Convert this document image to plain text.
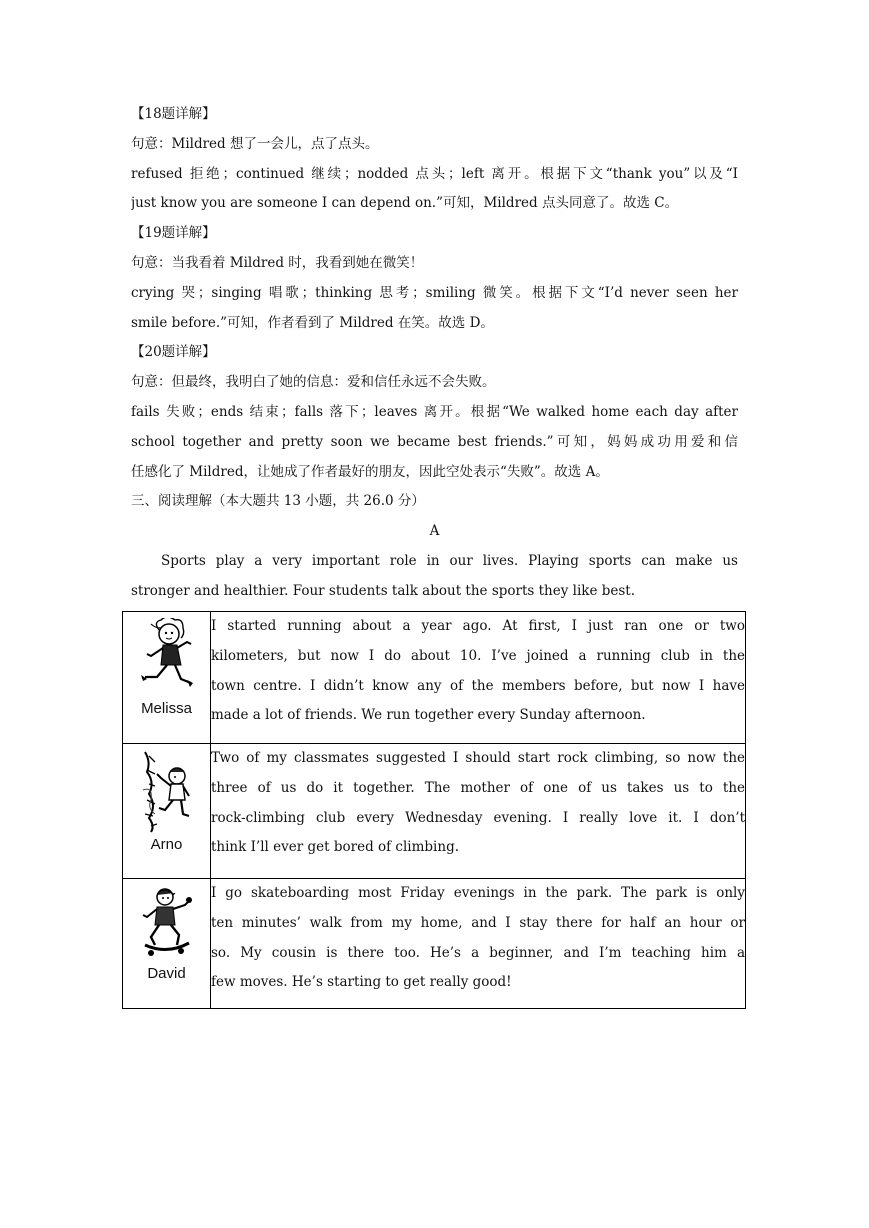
【18题详解】
句意：Mildred 想了一会儿，点了点头。
refused 拒绝；continued 继续；nodded 点头；left 离开。根据下文“thank you”以及“I
just know you are someone I can depend on.”可知，Mildred 点头同意了。故选 C。
【19题详解】
句意：当我看着 Mildred 时，我看到她在微笑！
crying 哭；singing 唱歌；thinking 思考；smiling 微笑。根据下文“I’d never seen her
smile before.”可知，作者看到了 Mildred 在笑。故选 D。
【20题详解】
句意：但最终，我明白了她的信息：爱和信任永远不会失败。
fails 失败；ends 结束；falls 落下；leaves 离开。根据“We walked home each day after
school together and pretty soon we became best friends.”可知，妈妈成功用爱和信
任感化了 Mildred，让她成了作者最好的朋友，因此空处表示“失败”。故选 A。
三、阅读理解（本大题共 13 小题，共 26.0 分）
A
Sports play a very important role in our lives. Playing sports can make us
stronger and healthier. Four students talk about the sports they like best.
Melissa	I started running about a year ago. At first, I just ran one or two
kilometers, but now I do about 10. I’ve joined a running club in the
town centre. I didn’t know any of the members before, but now I have
made a lot of friends. We run together every Sunday afternoon.

Arno	Two of my classmates suggested I should start rock climbing, so now the
three of us do it together. The mother of one of us takes us to the
rock-climbing club every Wednesday evening. I really love it. I don’t
think I’ll ever get bored of climbing.

David	I go skateboarding most Friday evenings in the park. The park is only
ten minutes’ walk from my home, and I stay there for half an hour or
so. My cousin is there too. He’s a beginner, and I’m teaching him a
few moves. He’s starting to get really good!
